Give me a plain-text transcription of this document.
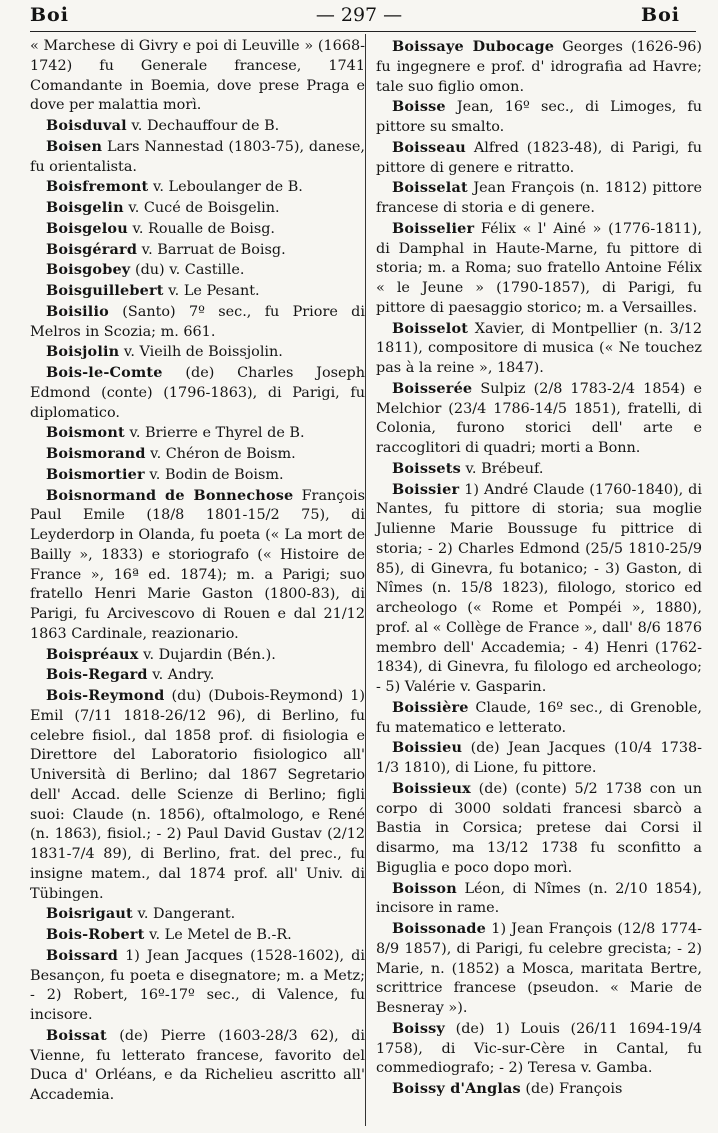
Boi	— 297 —	Boi

« Marchese di Givry e poi di Leuville » (1668-1742) fu Generale francese, 1741 Comandante in Boemia, dove prese Praga e dove per malattia morì.

Boisduval v. Dechauffour de B.

Boisen Lars Nannestad (1803-75), danese, fu orientalista.

Boisfremont v. Leboulanger de B.

Boisgelin v. Cucé de Boisgelin.

Boisgelou v. Roualle de Boisg.

Boisgérard v. Barruat de Boisg.

Boisgobey (du) v. Castille.

Boisguillebert v. Le Pesant.

Boisilio (Santo) 7º sec., fu Priore di Melros in Scozia; m. 661.

Boisjolin v. Vieilh de Boissjolin.

Bois-le-Comte (de) Charles Joseph Edmond (conte) (1796-1863), di Parigi, fu diplomatico.

Boismont v. Brierre e Thyrel de B.

Boismorand v. Chéron de Boism.

Boismortier v. Bodin de Boism.

Boisnormand de Bonnechose François Paul Emile (18/8 1801-15/2 75), di Leyderdorp in Olanda, fu poeta (« La mort de Bailly », 1833) e storiografo (« Histoire de France », 16ª ed. 1874); m. a Parigi; suo fratello Henri Marie Gaston (1800-83), di Parigi, fu Arcivescovo di Rouen e dal 21/12 1863 Cardinale, reazionario.

Boispréaux v. Dujardin (Bén.).

Bois-Regard v. Andry.

Bois-Reymond (du) (Dubois-Reymond) 1) Emil (7/11 1818-26/12 96), di Berlino, fu celebre fisiol., dal 1858 prof. di fisiologia e Direttore del Laboratorio fisiologico all' Università di Berlino; dal 1867 Segretario dell' Accad. delle Scienze di Berlino; figli suoi: Claude (n. 1856), oftalmologo, e René (n. 1863), fisiol.; - 2) Paul David Gustav (2/12 1831-7/4 89), di Berlino, frat. del prec., fu insigne matem., dal 1874 prof. all' Univ. di Tübingen.

Boisrigaut v. Dangerant.

Bois-Robert v. Le Metel de B.-R.

Boissard 1) Jean Jacques (1528-1602), di Besançon, fu poeta e disegnatore; m. a Metz; - 2) Robert, 16º-17º sec., di Valence, fu incisore.

Boissat (de) Pierre (1603-28/3 62), di Vienne, fu letterato francese, favorito del Duca d' Orléans, e da Richelieu ascritto all' Accademia.

Boissaye Dubocage Georges (1626-96) fu ingegnere e prof. d' idrografia ad Havre; tale suo figlio omon.

Boisse Jean, 16º sec., di Limoges, fu pittore su smalto.

Boisseau Alfred (1823-48), di Parigi, fu pittore di genere e ritratto.

Boisselat Jean François (n. 1812) pittore francese di storia e di genere.

Boisselier Félix « l' Ainé » (1776-1811), di Damphal in Haute-Marne, fu pittore di storia; m. a Roma; suo fratello Antoine Félix « le Jeune » (1790-1857), di Parigi, fu pittore di paesaggio storico; m. a Versailles.

Boisselot Xavier, di Montpellier (n. 3/12 1811), compositore di musica (« Ne touchez pas à la reine », 1847).

Boisserée Sulpiz (2/8 1783-2/4 1854) e Melchior (23/4 1786-14/5 1851), fratelli, di Colonia, furono storici dell' arte e raccoglitori di quadri; morti a Bonn.

Boissets v. Brébeuf.

Boissier 1) André Claude (1760-1840), di Nantes, fu pittore di storia; sua moglie Julienne Marie Boussuge fu pittrice di storia; - 2) Charles Edmond (25/5 1810-25/9 85), di Ginevra, fu botanico; - 3) Gaston, di Nîmes (n. 15/8 1823), filologo, storico ed archeologo (« Rome et Pompéi », 1880), prof. al « Collège de France », dall' 8/6 1876 membro dell' Accademia; - 4) Henri (1762-1834), di Ginevra, fu filologo ed archeologo; - 5) Valérie v. Gasparin.

Boissière Claude, 16º sec., di Grenoble, fu matematico e letterato.

Boissieu (de) Jean Jacques (10/4 1738-1/3 1810), di Lione, fu pittore.

Boissieux (de) (conte) 5/2 1738 con un corpo di 3000 soldati francesi sbarcò a Bastia in Corsica; pretese dai Corsi il disarmo, ma 13/12 1738 fu sconfitto a Biguglia e poco dopo morì.

Boisson Léon, di Nîmes (n. 2/10 1854), incisore in rame.

Boissonade 1) Jean François (12/8 1774-8/9 1857), di Parigi, fu celebre grecista; - 2) Marie, n. (1852) a Mosca, maritata Bertre, scrittrice francese (pseudon. « Marie de Besneray »).

Boissy (de) 1) Louis (26/11 1694-19/4 1758), di Vic-sur-Cère in Cantal, fu commediografo; - 2) Teresa v. Gamba.

Boissy d'Anglas (de) François
